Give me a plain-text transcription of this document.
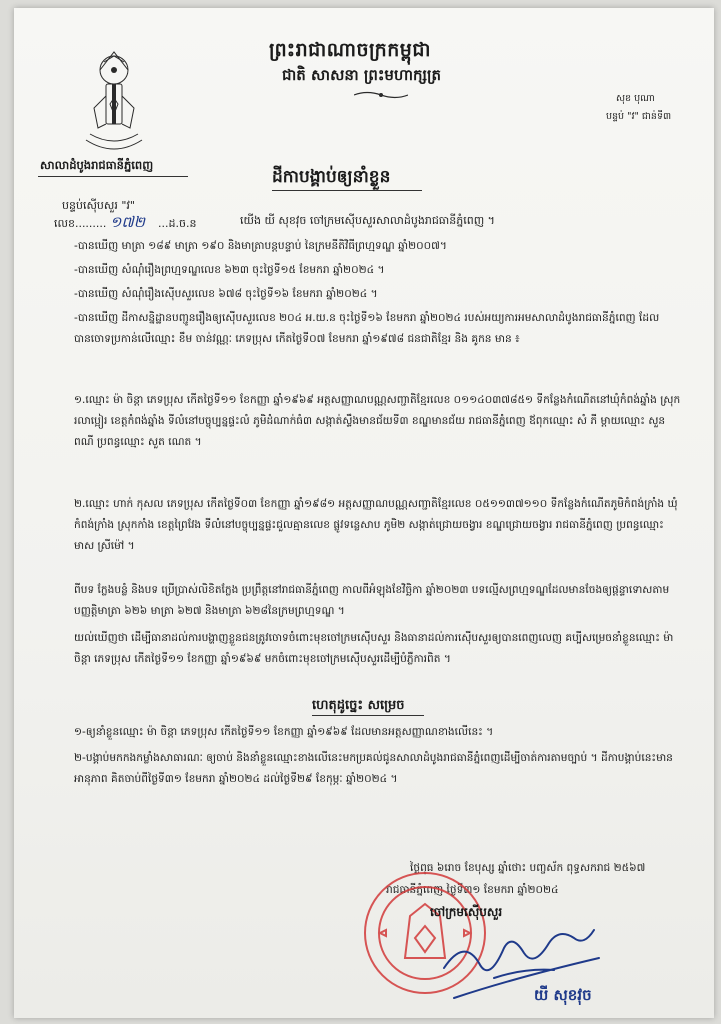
ព្រះរាជាណាចក្រកម្ពុជា
ជាតិ សាសនា ព្រះមហាក្សត្រ
សុខ បុណា
បន្ទប់ "វ" ជាន់ទី៣
សាលាដំបូងរាជធានីភ្នំពេញ
បន្ទប់ស៊ើបសួរ "វ"
លេខ......... ១៧២ ...ដ.ច.ន
ដីកាបង្គាប់ឲ្យនាំខ្លួន
យើង យី សុខវុច ចៅក្រមស៊ើបសួរសាលាដំបូងរាជធានីភ្នំពេញ ។
-បានឃើញ មាត្រា ១៨៩ មាត្រា ១៩០ និងមាត្រាបន្តបន្ទាប់ នៃក្រមនីតិវិធីព្រហ្មទណ្ឌ ឆ្នាំ២០០៧។
-បានឃើញ សំណុំរឿងព្រហ្មទណ្ឌលេខ ៦២៣ ចុះថ្ងៃទី១៥ ខែមករា ឆ្នាំ២០២៤ ។
-បានឃើញ សំណុំរឿងស៊ើបសួរលេខ ៦៧៨ ចុះថ្ងៃទី១៦ ខែមករា ឆ្នាំ២០២៤ ។
-បានឃើញ ដីកាសន្និដ្ឋានបញ្ជូនរឿងឲ្យស៊ើបសួរលេខ ២០៤ អ.យ.ន ចុះថ្ងៃទី១៦ ខែមករា ឆ្នាំ២០២៤ របស់អយ្យការអមសាលាដំបូងរាជធានីភ្នំពេញ ដែលបានចោទប្រកាន់លើឈ្មោះ ខឹម ចាន់វណ្ណៈ ភេទប្រុស កើតថ្ងៃទី០៧ ខែមករា ឆ្នាំ១៩៧៨ ជនជាតិខ្មែរ និង គូកន មាន ៖
១.ឈ្មោះ ម៉ា ចិន្តា ភេទប្រុស កើតថ្ងៃទី១១ ខែកញ្ញា ឆ្នាំ១៩៦៩ អត្តសញ្ញាណបណ្ណសញ្ជាតិខ្មែរលេខ ០១១៤០៣៧៨៥១ ទីកន្លែងកំណើតនៅឃុំកំពង់ឆ្នាំង ស្រុករលាប្អៀរ ខេត្តកំពង់ឆ្នាំង ទីលំនៅបច្ចុប្បន្នផ្ទះលំ ភូមិដំណាក់ធំ៣ សង្កាត់ស្ទឹងមានជ័យទី៣ ខណ្ឌមានជ័យ រាជធានីភ្នំពេញ ឪពុកឈ្មោះ សំ ភី ម្ដាយឈ្មោះ សួន ពណី ប្រពន្ធឈ្មោះ សួត ណេត ។
២.ឈ្មោះ ហាក់ កុសល ភេទប្រុស កើតថ្ងៃទី០៣ ខែកញ្ញា ឆ្នាំ១៩៨១ អត្តសញ្ញាណបណ្ណសញ្ជាតិខ្មែរលេខ ០៥១១៣៧១១០ ទីកន្លែងកំណើតភូមិកំពង់ក្រាំង ឃុំកំពង់ក្រាំង ស្រុកកាំង ខេត្តព្រៃវែង ទីលំនៅបច្ចុប្បន្នផ្ទះជួលគ្មានលេខ ផ្លូវទន្លេសាប ភូមិ២ សង្កាត់ជ្រោយចង្វារ ខណ្ឌជ្រោយចង្វារ រាជធានីភ្នំពេញ ប្រពន្ធឈ្មោះ មាស ស្រីម៉ៅ ។
ពីបទ ក្លែងបន្លំ និងបទ ប្រើប្រាស់លិខិតក្លែង ប្រព្រឹត្តនៅរាជធានីភ្នំពេញ កាលពីអំឡុងខែវិច្ឆិកា ឆ្នាំ២០២៣ បទល្មើសព្រហ្មទណ្ឌដែលមានចែងឲ្យផ្តន្ទាទោសតាមបញ្ញត្តិមាត្រា ៦២៦ មាត្រា ៦២៧ និងមាត្រា ៦២៨នៃក្រមព្រហ្មទណ្ឌ ។
យល់ឃើញថា ដើម្បីធានាដល់ការបង្ហាញខ្លួនជនត្រូវចោទចំពោះមុខចៅក្រមស៊ើបសួរ និងធានាដល់ការស៊ើបសួរឲ្យបានពេញលេញ គប្បីសម្រេចនាំខ្លួនឈ្មោះ ម៉ា ចិន្តា ភេទប្រុស កើតថ្ងៃទី១១ ខែកញ្ញា ឆ្នាំ១៩៦៩ មកចំពោះមុខចៅក្រមស៊ើបសួរដើម្បីបំភ្លឺការពិត ។
ហេតុដូច្នេះ សម្រេច
១-ឲ្យនាំខ្លួនឈ្មោះ ម៉ា ចិន្តា ភេទប្រុស កើតថ្ងៃទី១១ ខែកញ្ញា ឆ្នាំ១៩៦៩ ដែលមានអត្តសញ្ញាណខាងលើនេះ ។
២-បង្គាប់មកកងកម្លាំងសាធារណៈ ឲ្យចាប់ និងនាំខ្លួនឈ្មោះខាងលើនេះមកប្រគល់ជូនសាលាដំបូងរាជធានីភ្នំពេញដើម្បីចាត់ការតាមច្បាប់ ។ ដីកាបង្គាប់នេះមានអានុភាព គិតចាប់ពីថ្ងៃទី៣១ ខែមករា ឆ្នាំ២០២៤ ដល់ថ្ងៃទី២៩ ខែកុម្ភៈ ឆ្នាំ២០២៤ ។
ថ្ងៃពុធ ៦រោច ខែបុស្ស ឆ្នាំថោះ បញ្ចស័ក ពុទ្ធសករាជ ២៥៦៧
រាជធានីភ្នំពេញ ថ្ងៃទី៣១ ខែមករា ឆ្នាំ២០២៤
ចៅក្រមស៊ើបសួរ
យី សុខវុច
